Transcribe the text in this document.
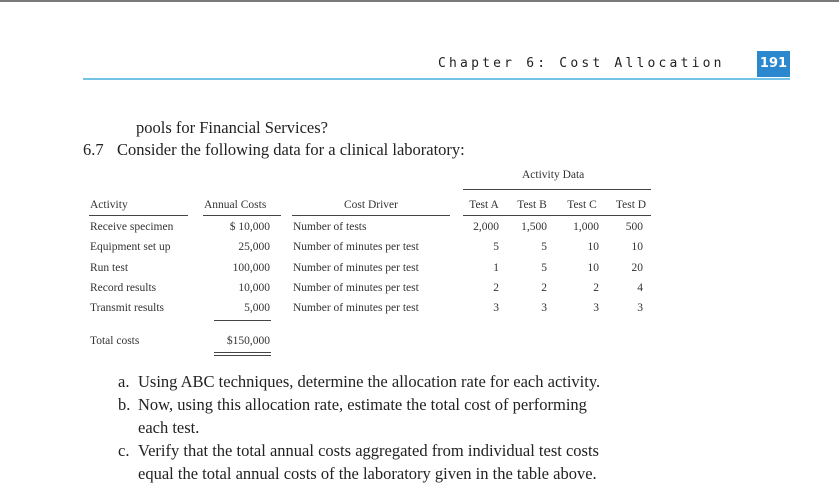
Chapter 6: Cost Allocation	191
pools for Financial Services?
6.7 Consider the following data for a clinical laboratory:
Activity Data
Activity	Annual Costs	Cost Driver	Test A	Test B	Test C	Test D
Receive specimen	$ 10,000 Number of tests	2,000	1,500	1,000	500
Equipment set up	25,000 Number of minutes per test	5	5	10	10
Run test	100,000 Number of minutes per test	1	5	10	20
Record results	10,000 Number of minutes per test	2	2	2	4
Transmit results	5,000 Number of minutes per test	3	3	3	3
Total costs	$150,000
a. Using ABC techniques, determine the allocation rate for each activity.
b. Now, using this allocation rate, estimate the total cost of performing
each test.
c. Verify that the total annual costs aggregated from individual test costs
equal the total annual costs of the laboratory given in the table above.
